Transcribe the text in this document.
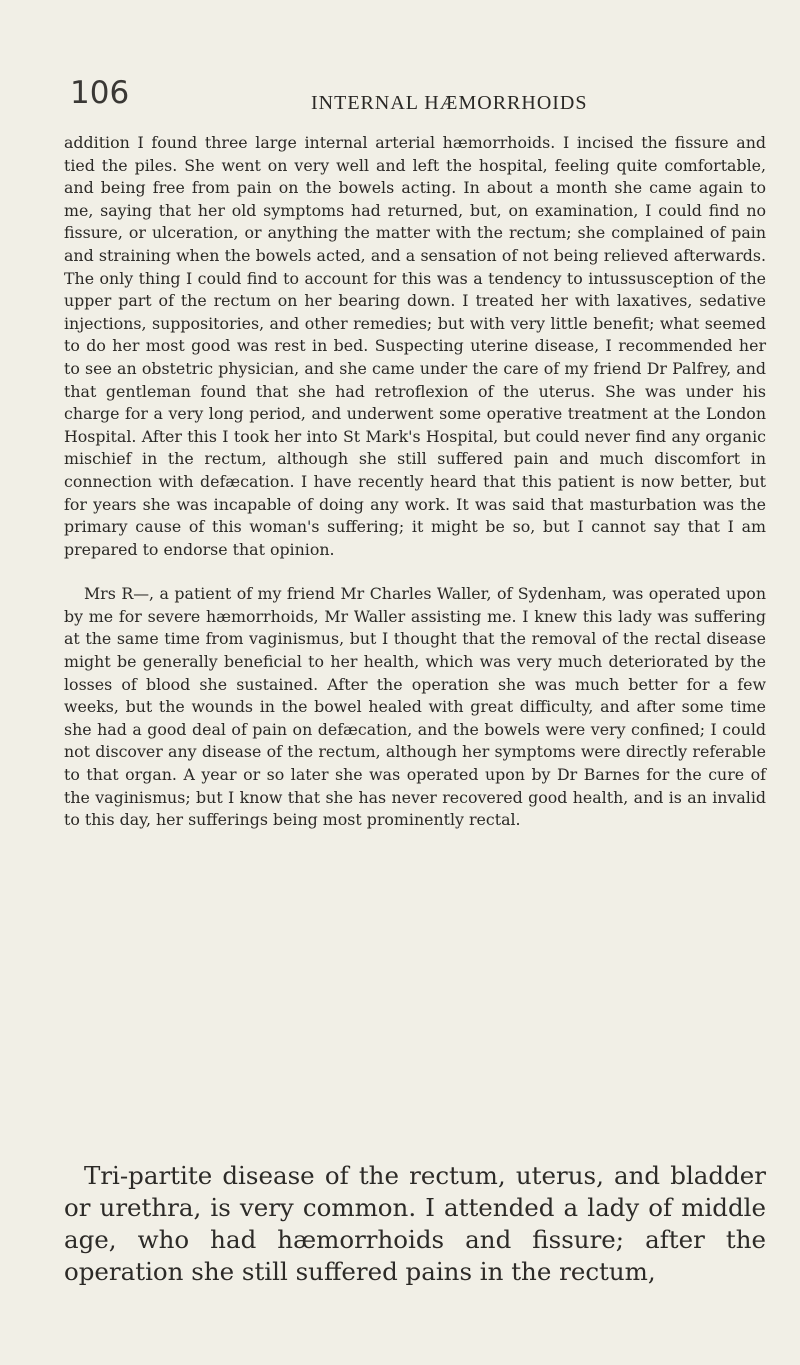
106	INTERNAL HÆMORRHOIDS

addition I found three large internal arterial hæmorrhoids. I incised the fissure and tied the piles. She went on very well and left the hospital, feeling quite comfortable, and being free from pain on the bowels acting. In about a month she came again to me, saying that her old symptoms had returned, but, on examination, I could find no fissure, or ulceration, or anything the matter with the rectum; she complained of pain and straining when the bowels acted, and a sensation of not being relieved afterwards. The only thing I could find to account for this was a tendency to intussusception of the upper part of the rectum on her bearing down. I treated her with laxatives, sedative injections, suppositories, and other remedies; but with very little benefit; what seemed to do her most good was rest in bed. Suspecting uterine disease, I recommended her to see an obstetric physician, and she came under the care of my friend Dr Palfrey, and that gentleman found that she had retroflexion of the uterus. She was under his charge for a very long period, and underwent some operative treatment at the London Hospital. After this I took her into St Mark's Hospital, but could never find any organic mischief in the rectum, although she still suffered pain and much discomfort in connection with defæcation. I have recently heard that this patient is now better, but for years she was incapable of doing any work. It was said that masturbation was the primary cause of this woman's suffering; it might be so, but I cannot say that I am prepared to endorse that opinion.

Mrs R—, a patient of my friend Mr Charles Waller, of Sydenham, was operated upon by me for severe hæmorrhoids, Mr Waller assisting me. I knew this lady was suffering at the same time from vaginismus, but I thought that the removal of the rectal disease might be generally beneficial to her health, which was very much deteriorated by the losses of blood she sustained. After the operation she was much better for a few weeks, but the wounds in the bowel healed with great difficulty, and after some time she had a good deal of pain on defæcation, and the bowels were very confined; I could not discover any disease of the rectum, although her symptoms were directly referable to that organ. A year or so later she was operated upon by Dr Barnes for the cure of the vaginismus; but I know that she has never recovered good health, and is an invalid to this day, her sufferings being most prominently rectal.

Tri-partite disease of the rectum, uterus, and bladder or urethra, is very common. I attended a lady of middle age, who had hæmorrhoids and fissure; after the operation she still suffered pains in the rectum,
